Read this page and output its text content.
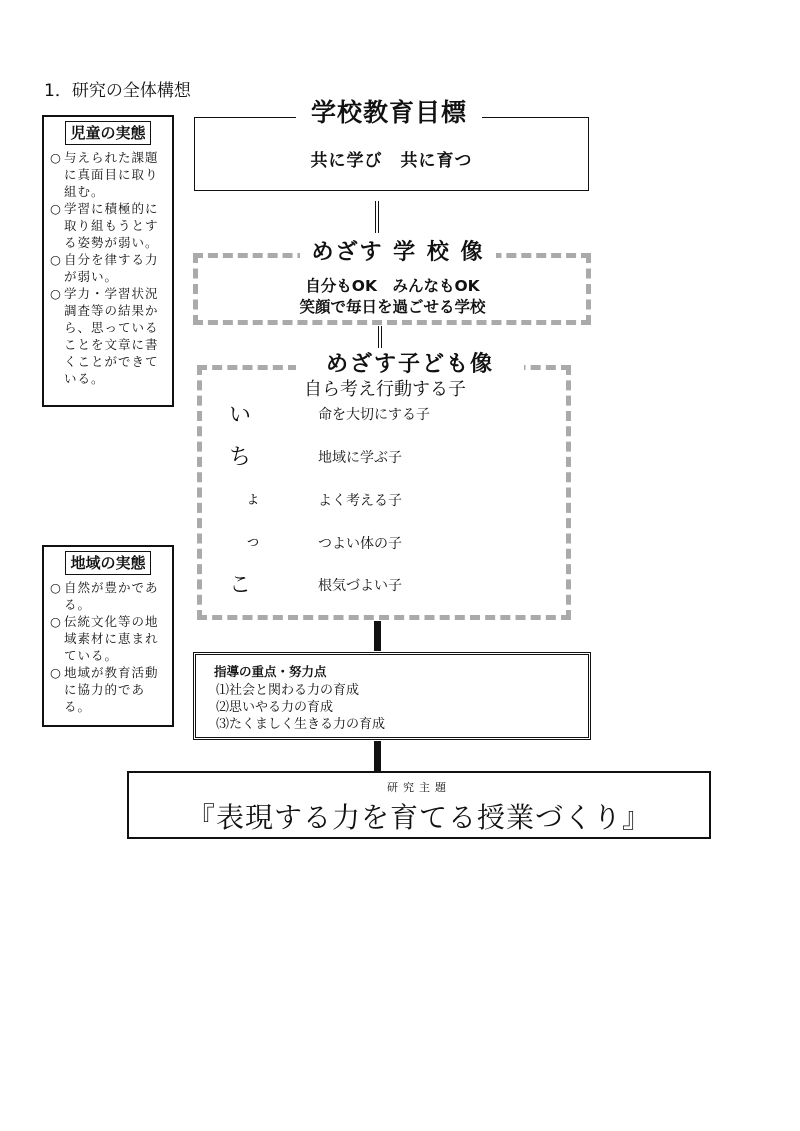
1．研究の全体構想
児童の実態
○ 与えられた課題に真面目に取り組む。
○ 学習に積極的に取り組もうとする姿勢が弱い。
○ 自分を律する力が弱い。
○ 学力・学習状況調査等の結果から、思っていることを文章に書くことができている。
地域の実態
○ 自然が豊かである。
○ 伝統文化等の地域素材に恵まれている。
○ 地域が教育活動に協力的である。
学校教育目標
共に学び　共に育つ
めざす 学 校 像
自分もOK　みんなもOK
笑顔で毎日を過ごせる学校
めざす子ども像
自ら考え行動する子
い	命を大切にする子
ち	地域に学ぶ子
ょ	よく考える子
っ	つよい体の子
こ	根気づよい子
指導の重点・努力点
⑴社会と関わる力の育成
⑵思いやる力の育成
⑶たくましく生きる力の育成
研究主題
『表現する力を育てる授業づくり』
